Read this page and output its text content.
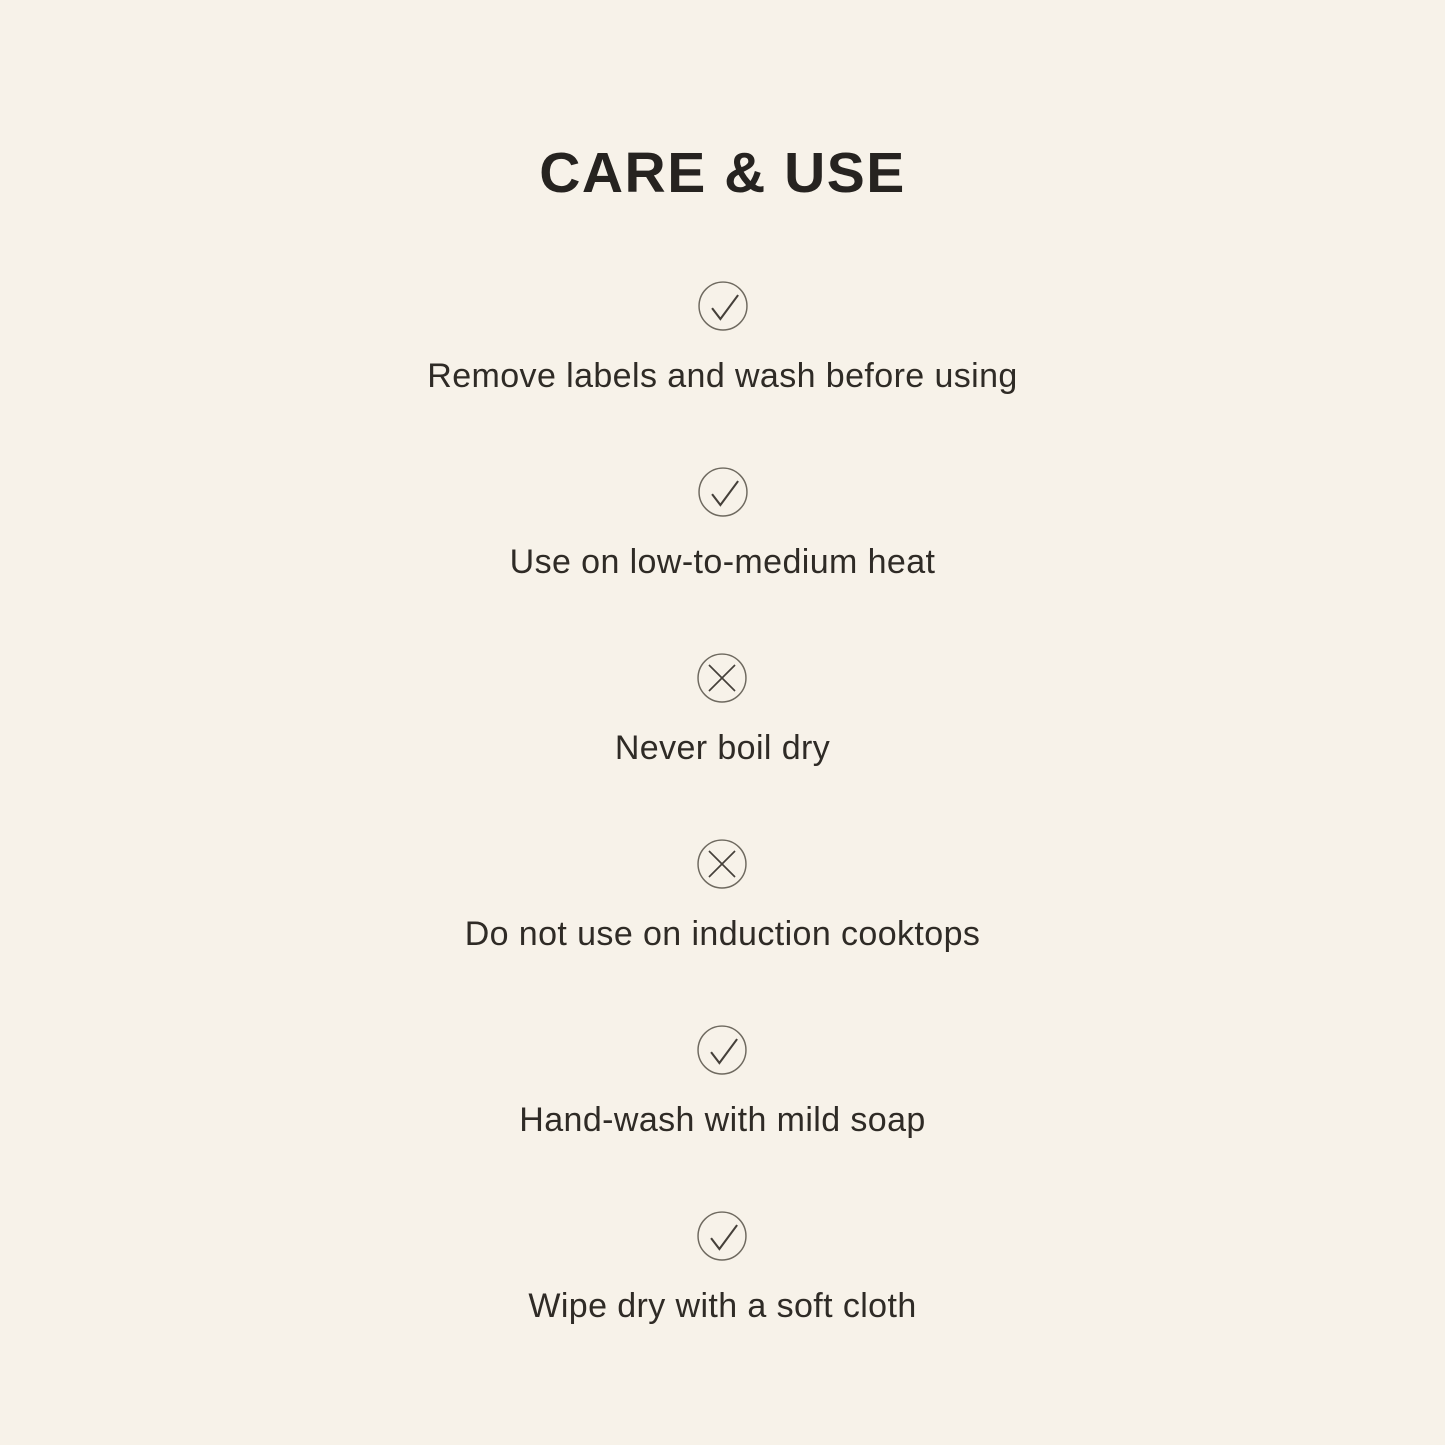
CARE & USE
Remove labels and wash before using
Use on low-to-medium heat
Never boil dry
Do not use on induction cooktops
Hand-wash with mild soap
Wipe dry with a soft cloth
